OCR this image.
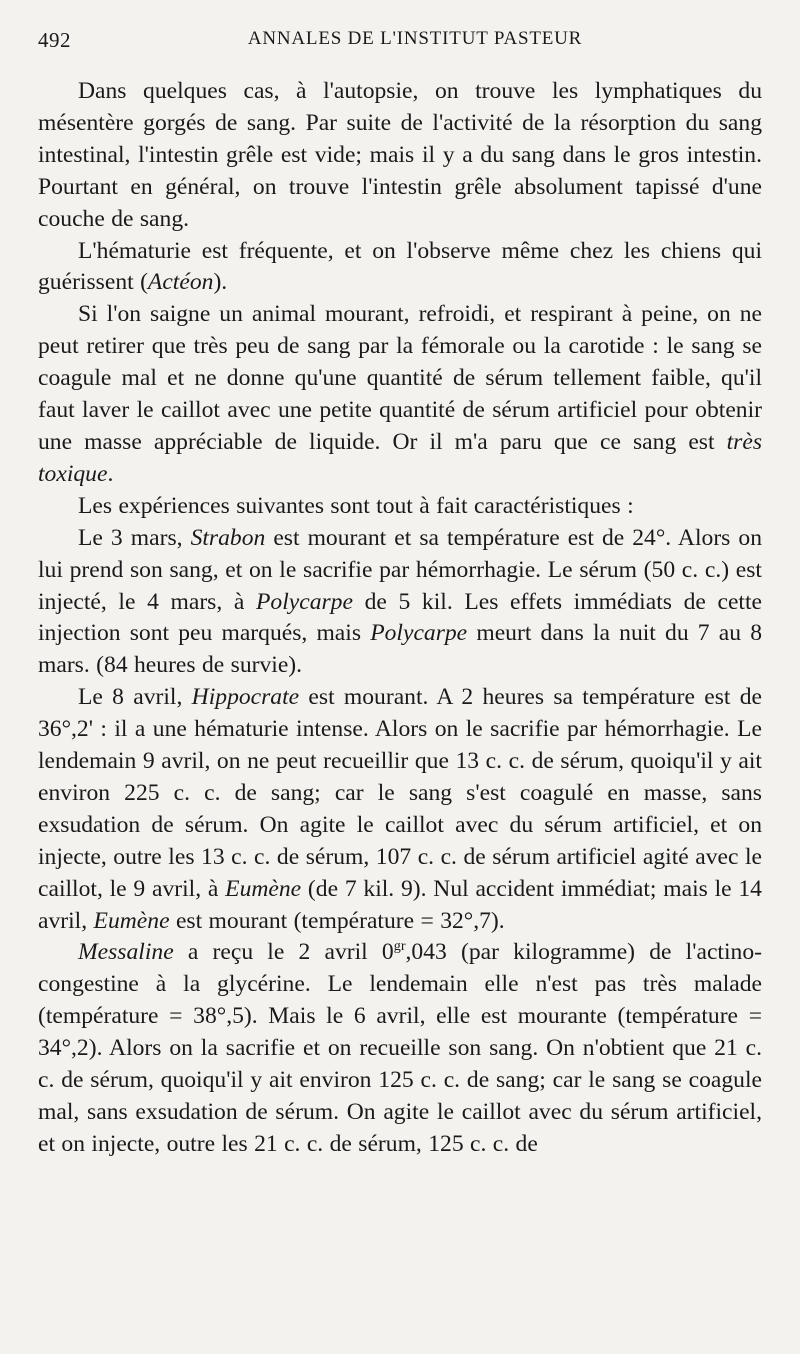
492	ANNALES DE L'INSTITUT PASTEUR

Dans quelques cas, à l'autopsie, on trouve les lymphatiques du mésentère gorgés de sang. Par suite de l'activité de la résorption du sang intestinal, l'intestin grêle est vide; mais il y a du sang dans le gros intestin. Pourtant en général, on trouve l'intestin grêle absolument tapissé d'une couche de sang.

L'hématurie est fréquente, et on l'observe même chez les chiens qui guérissent (Actéon).

Si l'on saigne un animal mourant, refroidi, et respirant à peine, on ne peut retirer que très peu de sang par la fémorale ou la carotide : le sang se coagule mal et ne donne qu'une quantité de sérum tellement faible, qu'il faut laver le caillot avec une petite quantité de sérum artificiel pour obtenir une masse appréciable de liquide. Or il m'a paru que ce sang est très toxique.

Les expériences suivantes sont tout à fait caractéristiques :

Le 3 mars, Strabon est mourant et sa température est de 24°. Alors on lui prend son sang, et on le sacrifie par hémorrhagie. Le sérum (50 c. c.) est injecté, le 4 mars, à Polycarpe de 5 kil. Les effets immédiats de cette injection sont peu marqués, mais Polycarpe meurt dans la nuit du 7 au 8 mars. (84 heures de survie).

Le 8 avril, Hippocrate est mourant. A 2 heures sa température est de 36°,2' : il a une hématurie intense. Alors on le sacrifie par hémorrhagie. Le lendemain 9 avril, on ne peut recueillir que 13 c. c. de sérum, quoiqu'il y ait environ 225 c. c. de sang; car le sang s'est coagulé en masse, sans exsudation de sérum. On agite le caillot avec du sérum artificiel, et on injecte, outre les 13 c. c. de sérum, 107 c. c. de sérum artificiel agité avec le caillot, le 9 avril, à Eumène (de 7 kil. 9). Nul accident immédiat; mais le 14 avril, Eumène est mourant (température = 32°,7).

Messaline a reçu le 2 avril $0^{gr},043$ (par kilogramme) de l'actino-congestine à la glycérine. Le lendemain elle n'est pas très malade (température = 38°,5). Mais le 6 avril, elle est mourante (température = 34°,2). Alors on la sacrifie et on recueille son sang. On n'obtient que 21 c. c. de sérum, quoiqu'il y ait environ 125 c. c. de sang; car le sang se coagule mal, sans exsudation de sérum. On agite le caillot avec du sérum artificiel, et on injecte, outre les 21 c. c. de sérum, 125 c. c. de
